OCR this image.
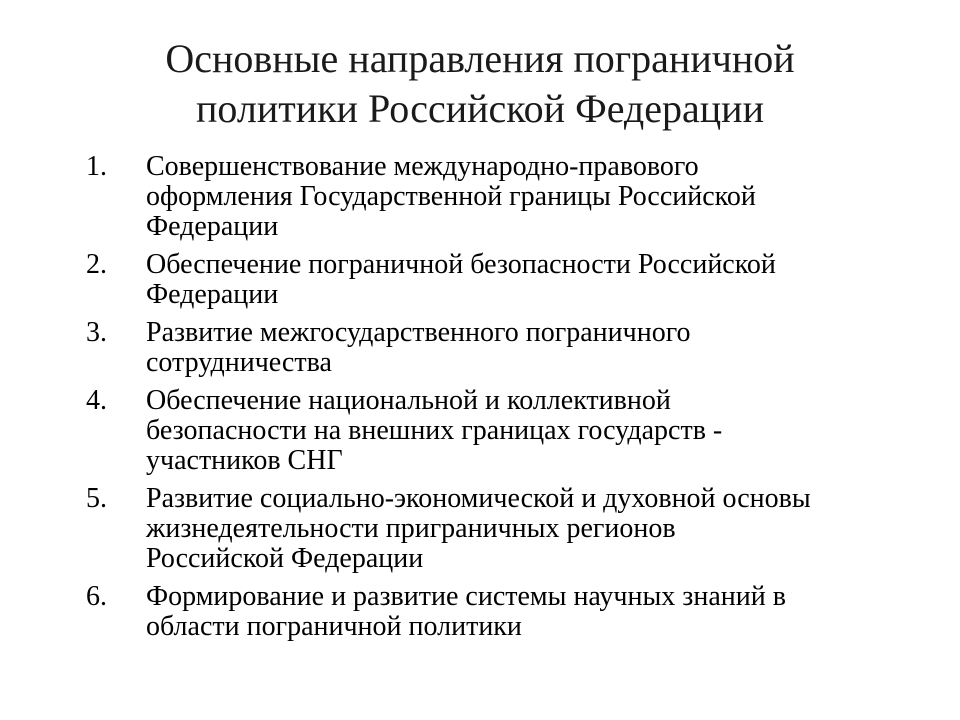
Основные направления пограничной
политики Российской Федерации
1.	Совершенствование международно-правового
оформления Государственной границы Российской
Федерации
2.	Обеспечение пограничной безопасности Российской
Федерации
3.	Развитие межгосударственного пограничного
сотрудничества
4.	Обеспечение национальной и коллективной
безопасности на внешних границах государств -
участников СНГ
5.	Развитие социально-экономической и духовной основы
жизнедеятельности приграничных регионов
Российской Федерации
6.	Формирование и развитие системы научных знаний в
области пограничной политики
